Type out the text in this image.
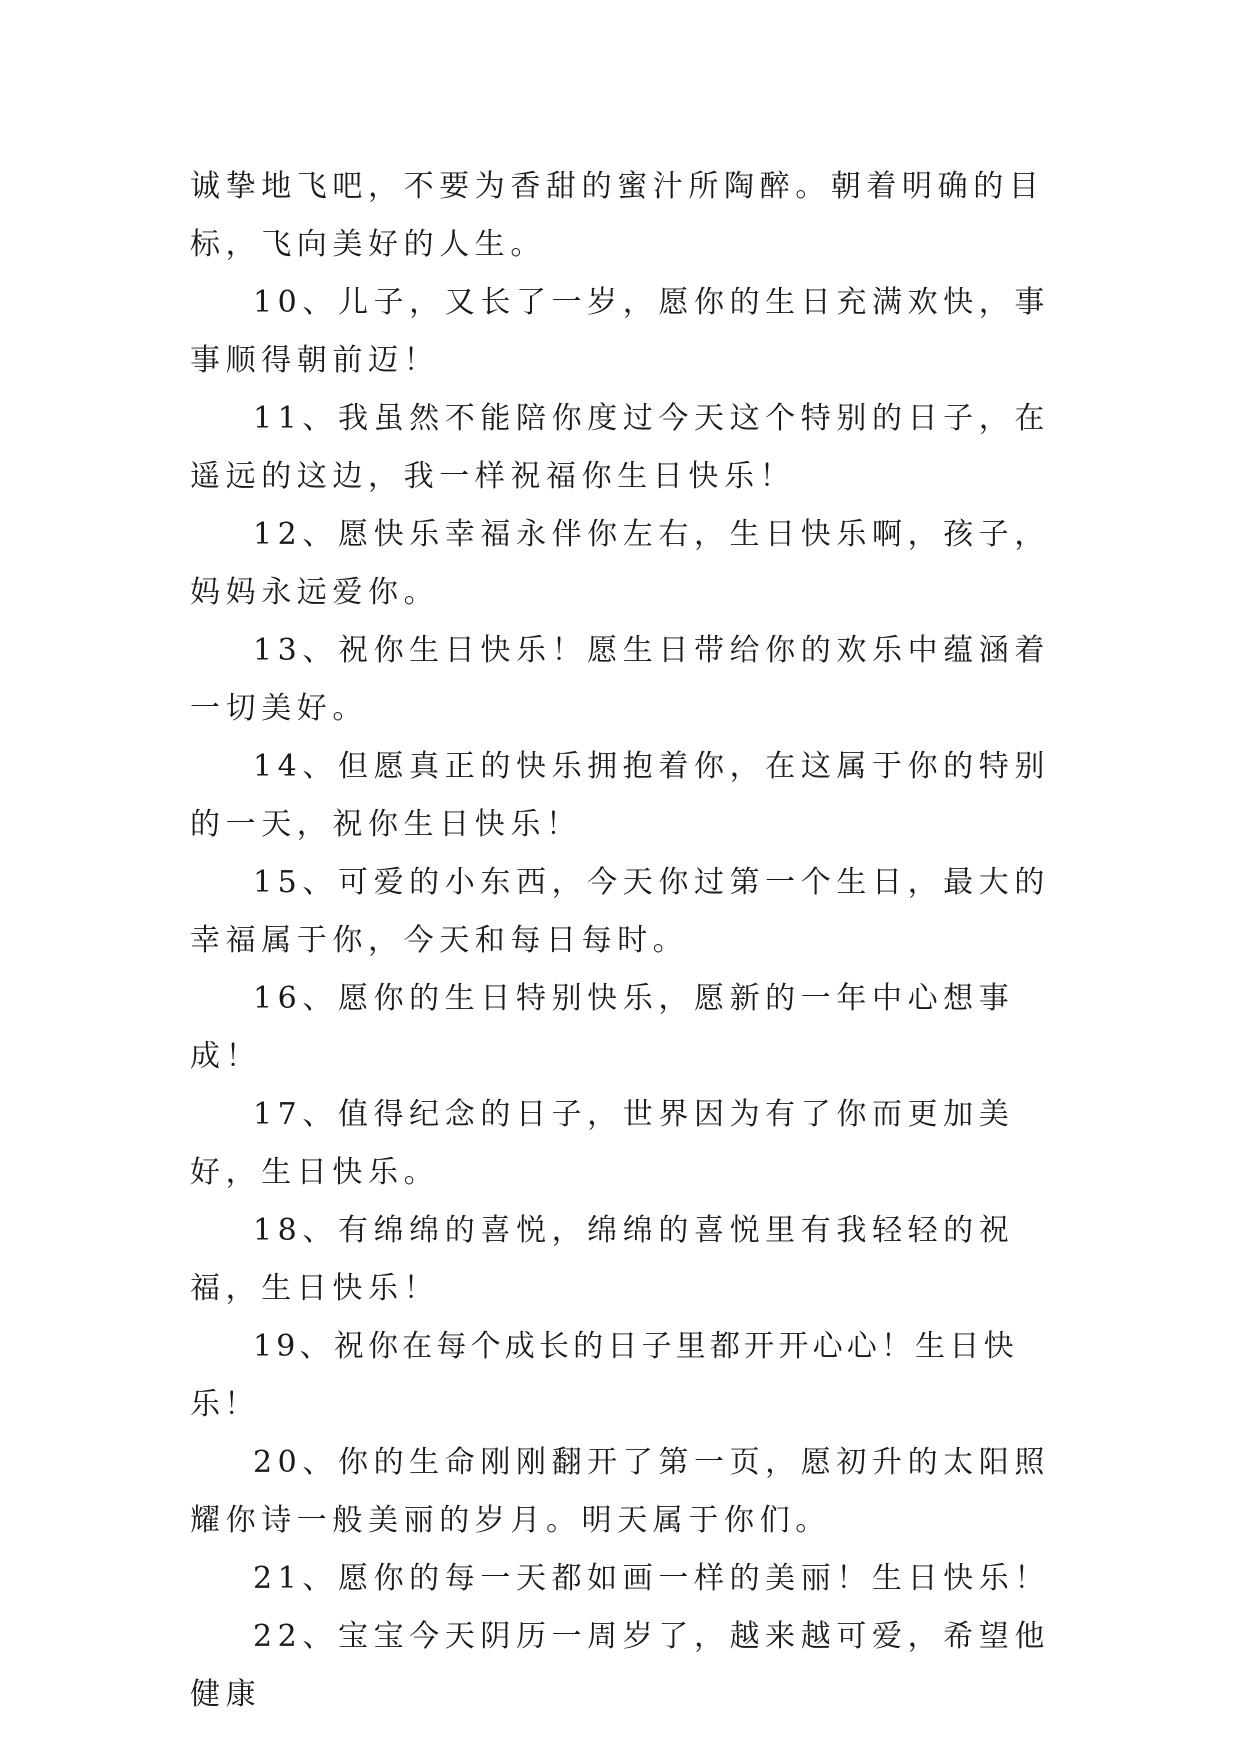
诚挚地飞吧，不要为香甜的蜜汁所陶醉。朝着明确的目标，飞向美好的人生。

10、儿子，又长了一岁，愿你的生日充满欢快，事事顺得朝前迈！

11、我虽然不能陪你度过今天这个特别的日子，在遥远的这边，我一样祝福你生日快乐！

12、愿快乐幸福永伴你左右，生日快乐啊，孩子，妈妈永远爱你。

13、祝你生日快乐！愿生日带给你的欢乐中蕴涵着一切美好。

14、但愿真正的快乐拥抱着你，在这属于你的特别的一天，祝你生日快乐！

15、可爱的小东西，今天你过第一个生日，最大的幸福属于你，今天和每日每时。

16、愿你的生日特别快乐，愿新的一年中心想事成！

17、值得纪念的日子，世界因为有了你而更加美好，生日快乐。

18、有绵绵的喜悦，绵绵的喜悦里有我轻轻的祝福，生日快乐！

19、祝你在每个成长的日子里都开开心心！生日快乐！

20、你的生命刚刚翻开了第一页，愿初升的太阳照耀你诗一般美丽的岁月。明天属于你们。

21、愿你的每一天都如画一样的美丽！生日快乐！

22、宝宝今天阴历一周岁了，越来越可爱，希望他健康
